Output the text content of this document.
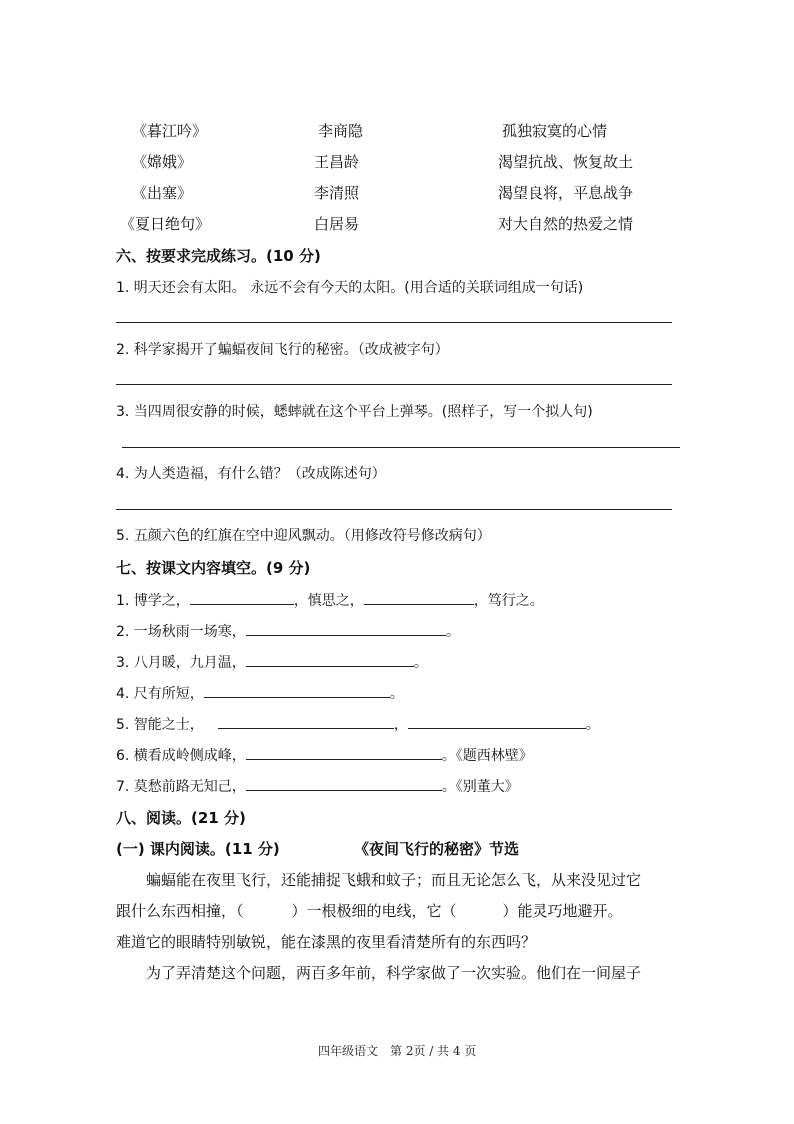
《暮江吟》	李商隐	孤独寂寞的心情
《嫦娥》	王昌龄	渴望抗战、恢复故土
《出塞》	李清照	渴望良将，平息战争
《夏日绝句》	白居易	对大自然的热爱之情
六、按要求完成练习。(10 分)
1. 明天还会有太阳。 永远不会有今天的太阳。(用合适的关联词组成一句话)
2. 科学家揭开了蝙蝠夜间飞行的秘密。（改成被字句）
3. 当四周很安静的时候，蟋蟀就在这个平台上弹琴。(照样子，写一个拟人句)
4. 为人类造福，有什么错？（改成陈述句）
5. 五颜六色的红旗在空中迎风飘动。（用修改符号修改病句）
七、按课文内容填空。(9 分)
1. 博学之，	，慎思之，	，笃行之。
2. 一场秋雨一场寒，	。
3. 八月暖，九月温，	。
4. 尺有所短，	。
5. 智能之士，	，	。
6. 横看成岭侧成峰，	。《题西林壁》
7. 莫愁前路无知己，	。《别董大》
八、阅读。(21 分)
(一) 课内阅读。(11 分)	《夜间飞行的秘密》节选
蝙蝠能在夜里飞行，还能捕捉飞蛾和蚊子；而且无论怎么飞，从来没见过它
跟什么东西相撞，（	）一根极细的电线，它（	）能灵巧地避开。
难道它的眼睛特别敏锐，能在漆黑的夜里看清楚所有的东西吗？
为了弄清楚这个问题，两百多年前，科学家做了一次实验。他们在一间屋子
四年级语文　第 2页 / 共 4 页
